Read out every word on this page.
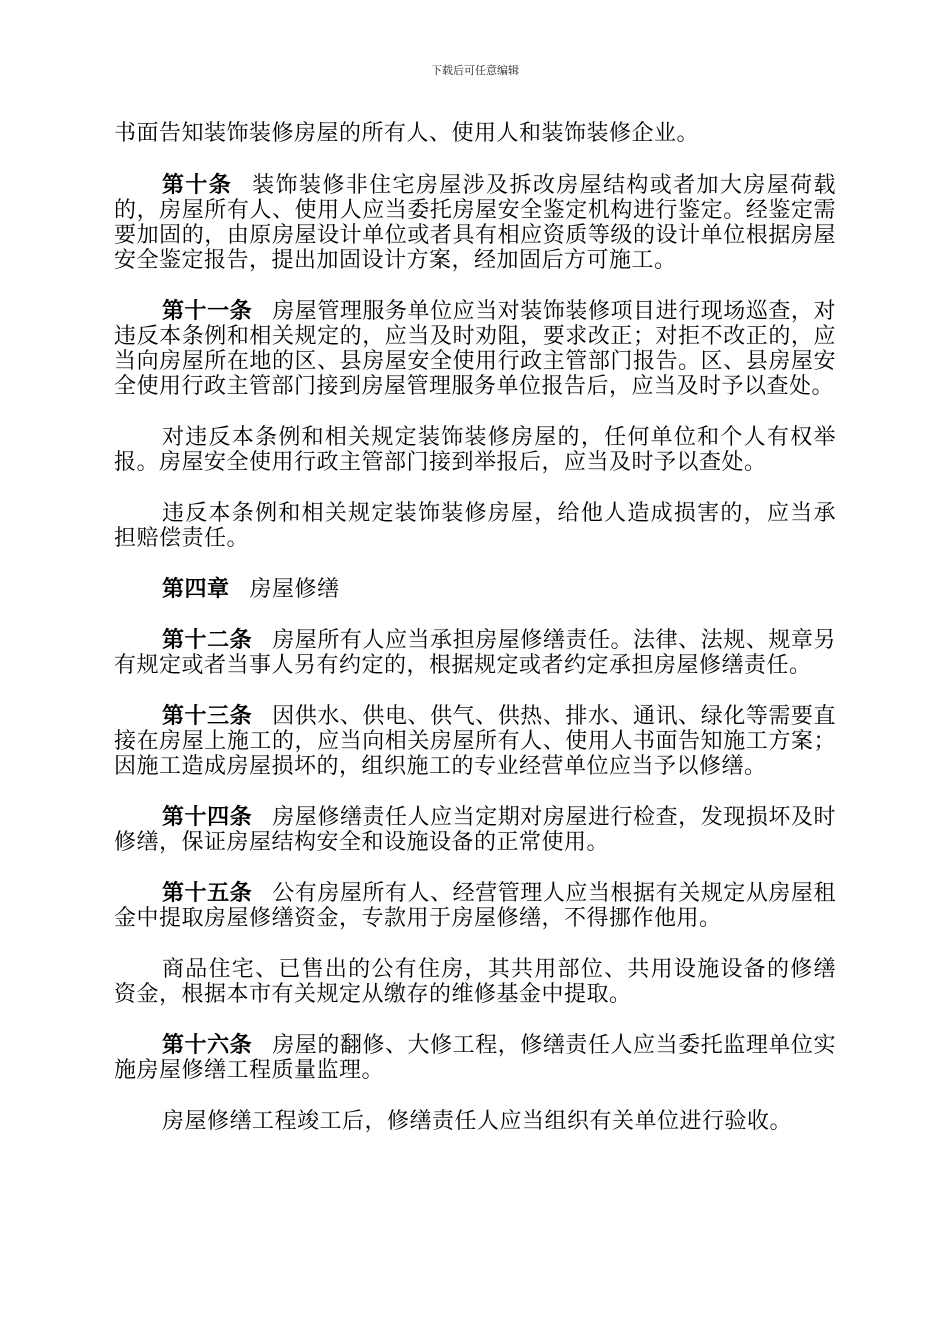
下载后可任意编辑

书面告知装饰装修房屋的所有人、使用人和装饰装修企业。

第十条 装饰装修非住宅房屋涉及拆改房屋结构或者加大房屋荷载的，房屋所有人、使用人应当委托房屋安全鉴定机构进行鉴定。经鉴定需要加固的，由原房屋设计单位或者具有相应资质等级的设计单位根据房屋安全鉴定报告，提出加固设计方案，经加固后方可施工。

第十一条 房屋管理服务单位应当对装饰装修项目进行现场巡查，对违反本条例和相关规定的，应当及时劝阻，要求改正；对拒不改正的，应当向房屋所在地的区、县房屋安全使用行政主管部门报告。区、县房屋安全使用行政主管部门接到房屋管理服务单位报告后，应当及时予以查处。

对违反本条例和相关规定装饰装修房屋的，任何单位和个人有权举报。房屋安全使用行政主管部门接到举报后，应当及时予以查处。

违反本条例和相关规定装饰装修房屋，给他人造成损害的，应当承担赔偿责任。

第四章 房屋修缮

第十二条 房屋所有人应当承担房屋修缮责任。法律、法规、规章另有规定或者当事人另有约定的，根据规定或者约定承担房屋修缮责任。

第十三条 因供水、供电、供气、供热、排水、通讯、绿化等需要直接在房屋上施工的，应当向相关房屋所有人、使用人书面告知施工方案；因施工造成房屋损坏的，组织施工的专业经营单位应当予以修缮。

第十四条 房屋修缮责任人应当定期对房屋进行检查，发现损坏及时修缮，保证房屋结构安全和设施设备的正常使用。

第十五条 公有房屋所有人、经营管理人应当根据有关规定从房屋租金中提取房屋修缮资金，专款用于房屋修缮，不得挪作他用。

商品住宅、已售出的公有住房，其共用部位、共用设施设备的修缮资金，根据本市有关规定从缴存的维修基金中提取。

第十六条 房屋的翻修、大修工程，修缮责任人应当委托监理单位实施房屋修缮工程质量监理。

房屋修缮工程竣工后，修缮责任人应当组织有关单位进行验收。
